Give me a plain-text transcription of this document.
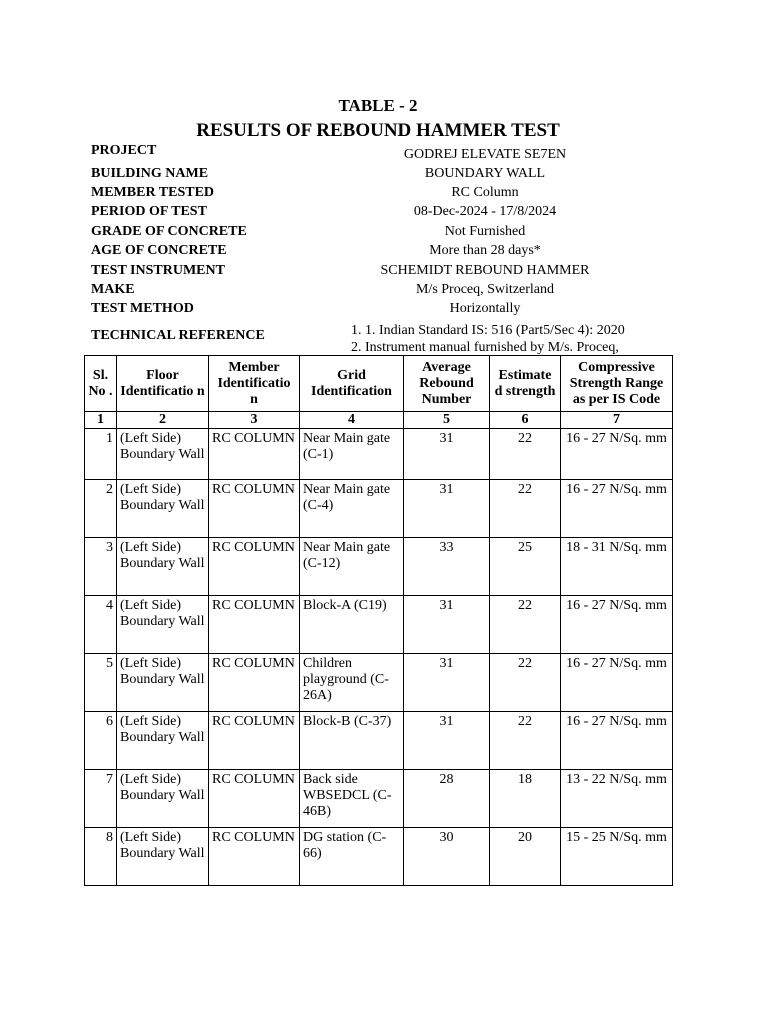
TABLE - 2
RESULTS OF REBOUND HAMMER TEST
PROJECT	GODREJ ELEVATE SE7EN
BUILDING NAME	BOUNDARY WALL
MEMBER TESTED	RC Column
PERIOD OF TEST	08-Dec-2024 - 17/8/2024
GRADE OF CONCRETE	Not Furnished
AGE OF CONCRETE	More than 28 days*
TEST INSTRUMENT	SCHEMIDT REBOUND HAMMER
MAKE	M/s Proceq, Switzerland
TEST METHOD	Horizontally
TECHNICAL REFERENCE	1. 1. Indian Standard IS: 516 (Part5/Sec 4): 2020
2. Instrument manual furnished by M/s. Proceq,
Sl. No .	Floor Identificatio n	Member Identificatio n	Grid Identification	Average Rebound Number	Estimate d strength	Compressive Strength Range as per IS Code
1	2	3	4	5	6	7
1	(Left Side) Boundary Wall	RC COLUMN	Near Main gate (C-1)	31	22	16 - 27 N/Sq. mm
2	(Left Side) Boundary Wall	RC COLUMN	Near Main gate (C-4)	31	22	16 - 27 N/Sq. mm
3	(Left Side) Boundary Wall	RC COLUMN	Near Main gate (C-12)	33	25	18 - 31 N/Sq. mm
4	(Left Side) Boundary Wall	RC COLUMN	Block-A (C19)	31	22	16 - 27 N/Sq. mm
5	(Left Side) Boundary Wall	RC COLUMN	Children playground (C-26A)	31	22	16 - 27 N/Sq. mm
6	(Left Side) Boundary Wall	RC COLUMN	Block-B (C-37)	31	22	16 - 27 N/Sq. mm
7	(Left Side) Boundary Wall	RC COLUMN	Back side WBSEDCL (C-46B)	28	18	13 - 22 N/Sq. mm
8	(Left Side) Boundary Wall	RC COLUMN	DG station (C-66)	30	20	15 - 25 N/Sq. mm
